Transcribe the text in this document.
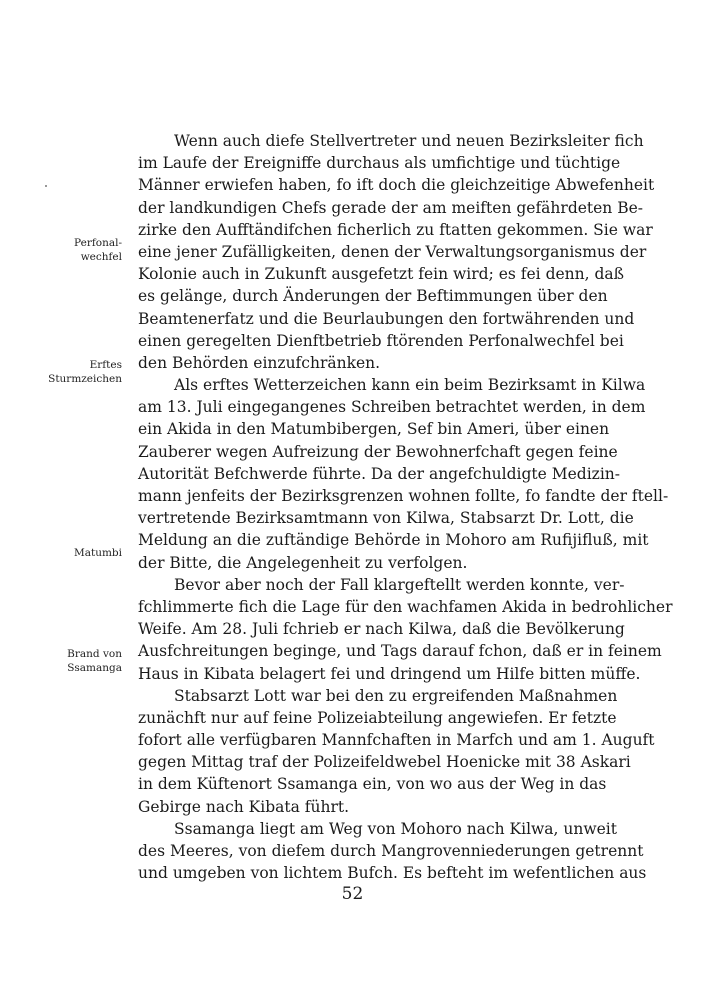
Wenn auch diefe Stellvertreter und neuen Bezirksleiter fich
im Laufe der Ereigniffe durchaus als umfichtige und tüchtige
Männer erwiefen haben, fo ift doch die gleichzeitige Abwefenheit
der landkundigen Chefs gerade der am meiften gefährdeten Be-
zirke den Aufftändifchen ficherlich zu ftatten gekommen. Sie war
eine jener Zufälligkeiten, denen der Verwaltungsorganismus der
Kolonie auch in Zukunft ausgefetzt fein wird; es fei denn, daß
es gelänge, durch Änderungen der Beftimmungen über den
Beamtenerfatz und die Beurlaubungen den fortwährenden und
einen geregelten Dienftbetrieb ftörenden Perfonalwechfel bei
den Behörden einzufchränken.
Als erftes Wetterzeichen kann ein beim Bezirksamt in Kilwa
am 13. Juli eingegangenes Schreiben betrachtet werden, in dem
ein Akida in den Matumbibergen, Sef bin Ameri, über einen
Zauberer wegen Aufreizung der Bewohnerfchaft gegen feine
Autorität Befchwerde führte. Da der angefchuldigte Medizin-
mann jenfeits der Bezirksgrenzen wohnen follte, fo fandte der ftell-
vertretende Bezirksamtmann von Kilwa, Stabsarzt Dr. Lott, die
Meldung an die zuftändige Behörde in Mohoro am Rufijifluß, mit
der Bitte, die Angelegenheit zu verfolgen.
Bevor aber noch der Fall klargeftellt werden konnte, ver-
fchlimmerte fich die Lage für den wachfamen Akida in bedrohlicher
Weife. Am 28. Juli fchrieb er nach Kilwa, daß die Bevölkerung
Ausfchreitungen beginge, und Tags darauf fchon, daß er in feinem
Haus in Kibata belagert fei und dringend um Hilfe bitten müffe.
Stabsarzt Lott war bei den zu ergreifenden Maßnahmen
zunächft nur auf feine Polizeiabteilung angewiefen. Er fetzte
fofort alle verfügbaren Mannfchaften in Marfch und am 1. Auguft
gegen Mittag traf der Polizeifeldwebel Hoenicke mit 38 Askari
in dem Küftenort Ssamanga ein, von wo aus der Weg in das
Gebirge nach Kibata führt.
Ssamanga liegt am Weg von Mohoro nach Kilwa, unweit
des Meeres, von diefem durch Mangrovenniederungen getrennt
und umgeben von lichtem Bufch. Es befteht im wefentlichen aus
Perfonal-
wechfel
Erftes
Sturmzeichen
Matumbi
Brand von
Ssamanga
52
